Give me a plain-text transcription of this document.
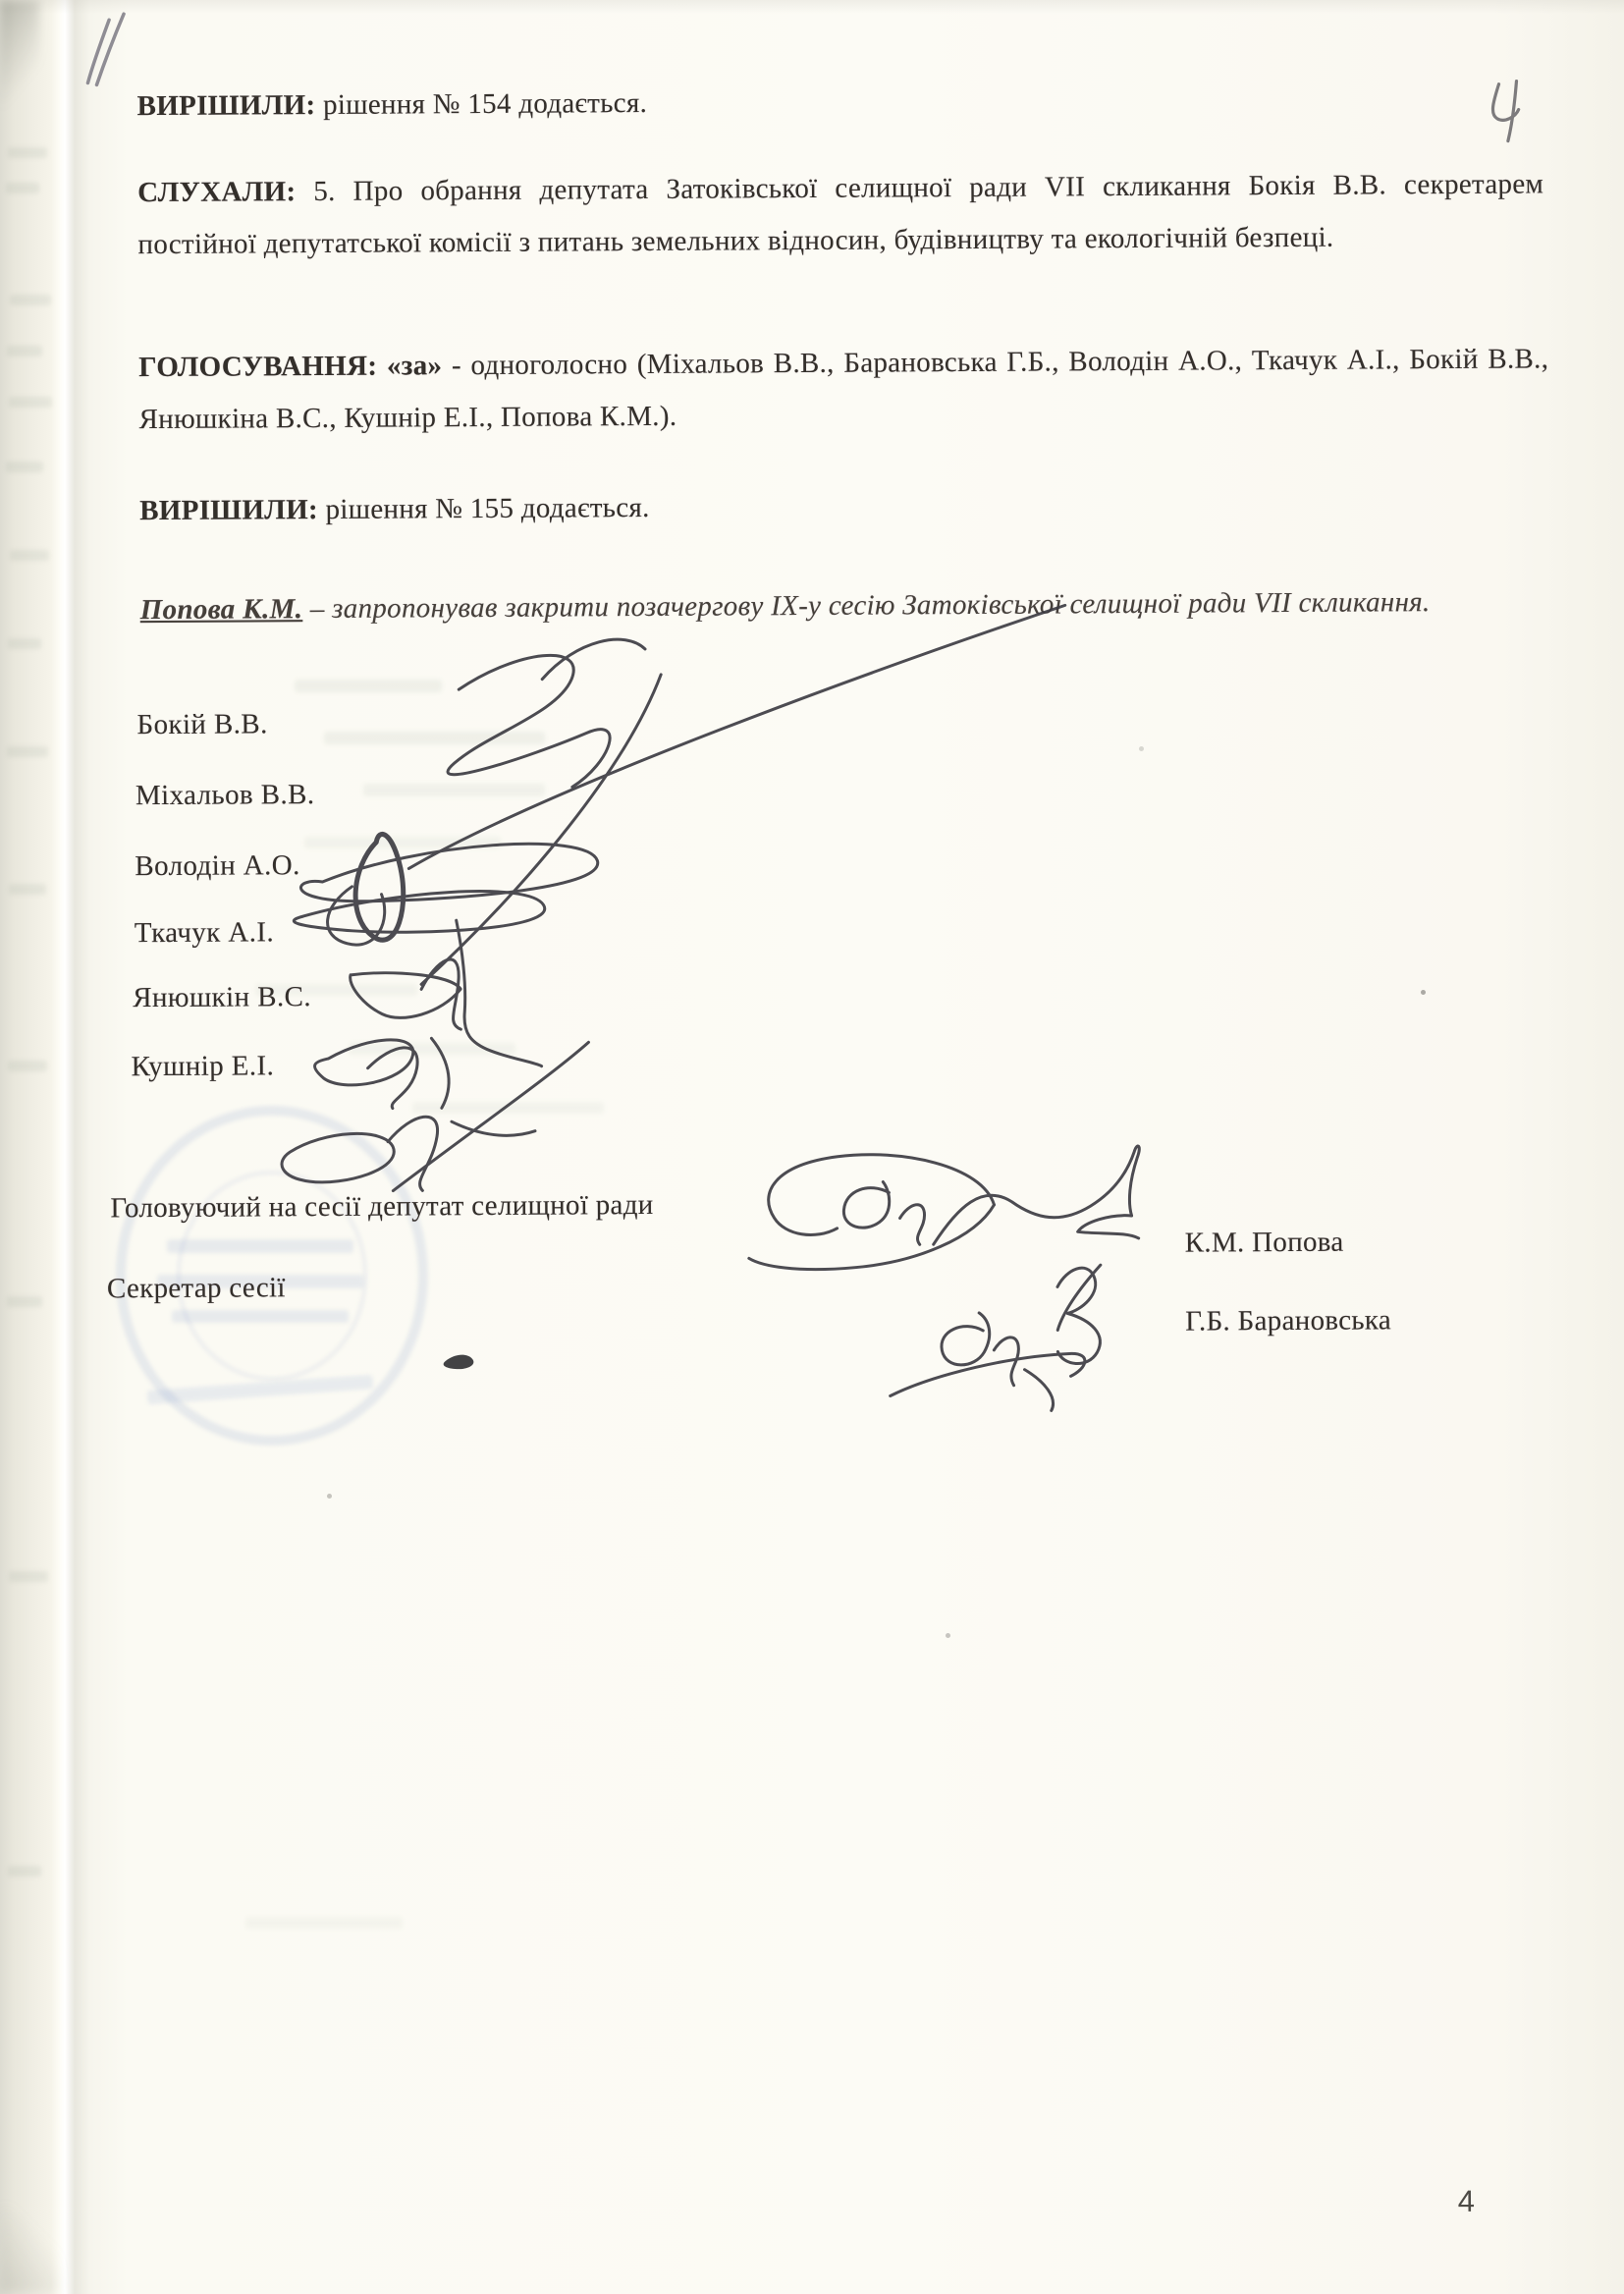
ВИРІШИЛИ: рішення № 154 додається.

СЛУХАЛИ: 5. Про обрання депутата Затоківської селищної ради VII скликання Бокія В.В. секретарем постійної депутатської комісії з питань земельних відносин, будівництву та екологічній безпеці.

ГОЛОСУВАННЯ: «за» - одноголосно (Міхальов В.В., Барановська Г.Б., Володін А.О., Ткачук А.І., Бокій В.В., Янюшкіна В.С., Кушнір Е.І., Попова К.М.).

ВИРІШИЛИ: рішення № 155 додається.

Попова К.М. – запропонував закрити позачергову IX-у сесію Затоківської селищної ради VII скликання.

Бокій В.В.
Міхальов В.В.
Володін А.О.
Ткачук А.І.
Янюшкін В.С.
Кушнір Е.І.
Головуючий на сесії депутат селищної ради
К.М. Попова
Секретар сесії
Г.Б. Барановська
4
